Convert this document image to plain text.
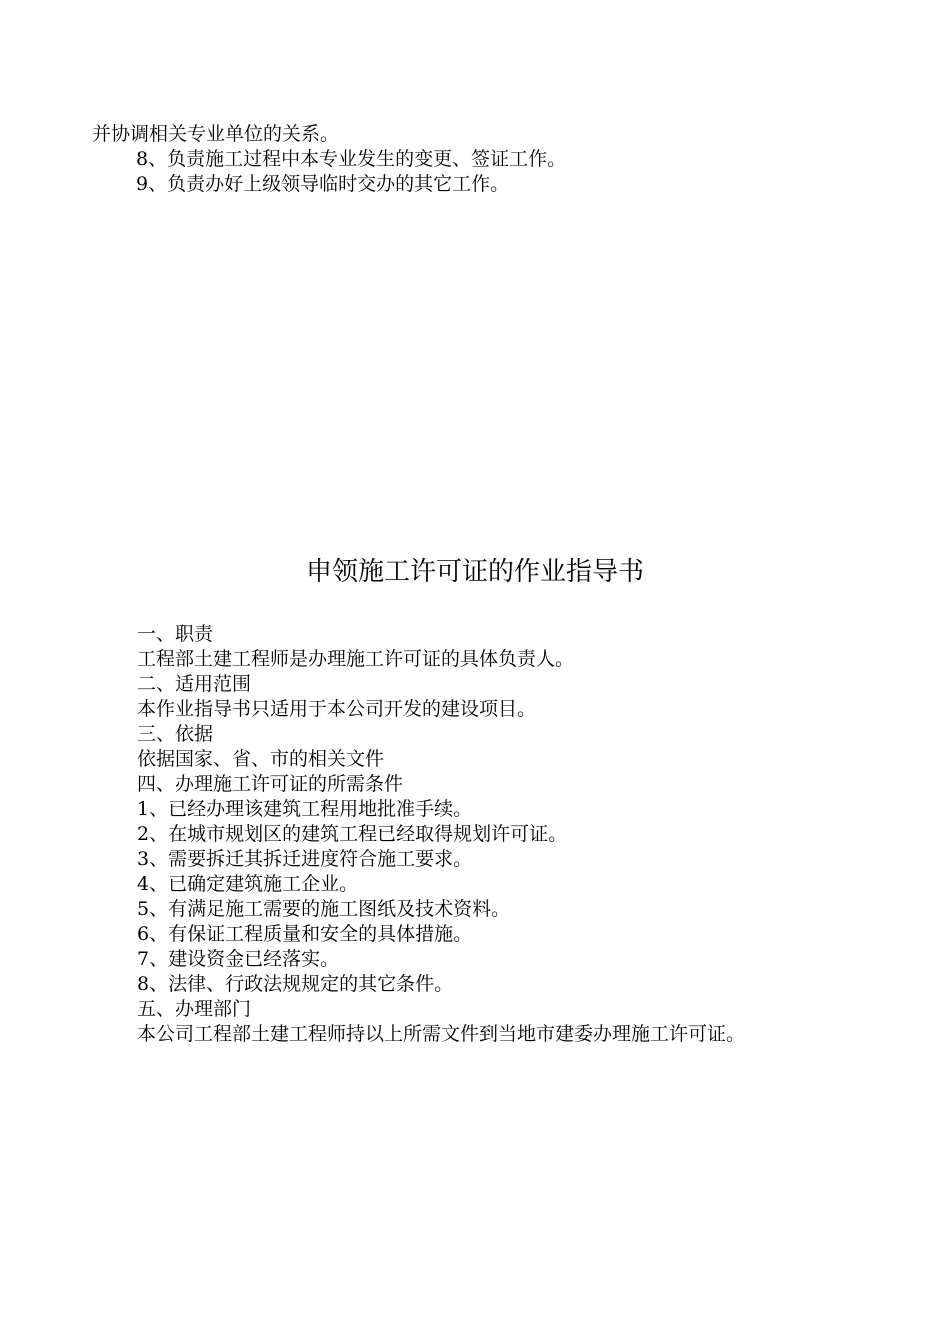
并协调相关专业单位的关系。
8、负责施工过程中本专业发生的变更、签证工作。
9、负责办好上级领导临时交办的其它工作。
申领施工许可证的作业指导书
一、职责
工程部土建工程师是办理施工许可证的具体负责人。
二、适用范围
本作业指导书只适用于本公司开发的建设项目。
三、依据
依据国家、省、市的相关文件
四、办理施工许可证的所需条件
1、已经办理该建筑工程用地批准手续。
2、在城市规划区的建筑工程已经取得规划许可证。
3、需要拆迁其拆迁进度符合施工要求。
4、已确定建筑施工企业。
5、有满足施工需要的施工图纸及技术资料。
6、有保证工程质量和安全的具体措施。
7、建设资金已经落实。
8、法律、行政法规规定的其它条件。
五、办理部门
本公司工程部土建工程师持以上所需文件到当地市建委办理施工许可证。
